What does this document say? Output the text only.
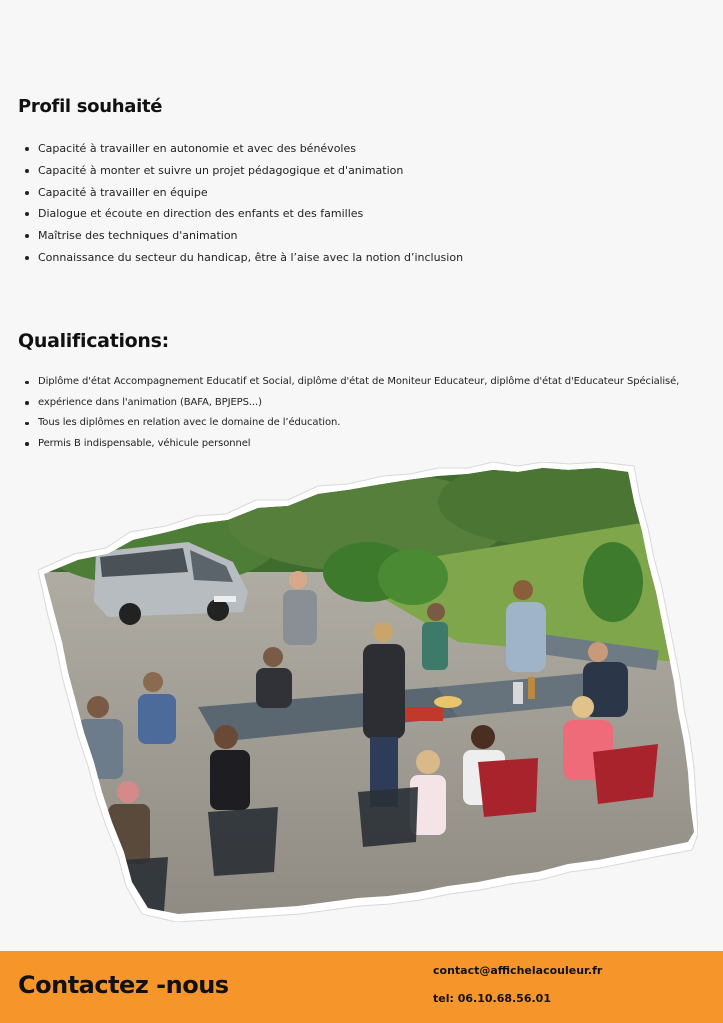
Profil souhaité
Capacité à travailler en autonomie et avec des bénévoles
Capacité à monter et suivre un projet pédagogique et d'animation
Capacité à travailler en équipe
Dialogue et écoute en direction des enfants et des familles
Maîtrise des techniques d'animation
Connaissance du secteur du handicap, être à l’aise avec la notion d’inclusion
Qualifications:
Diplôme d'état Accompagnement Educatif et Social, diplôme d'état de Moniteur Educateur, diplôme d'état d'Educateur Spécialisé,
expérience dans l'animation (BAFA, BPJEPS...)
Tous les diplômes en relation avec le domaine de l’éducation.
Permis B indispensable, véhicule personnel
Contactez -nous
contact@affichelacouleur.fr
tel: 06.10.68.56.01
